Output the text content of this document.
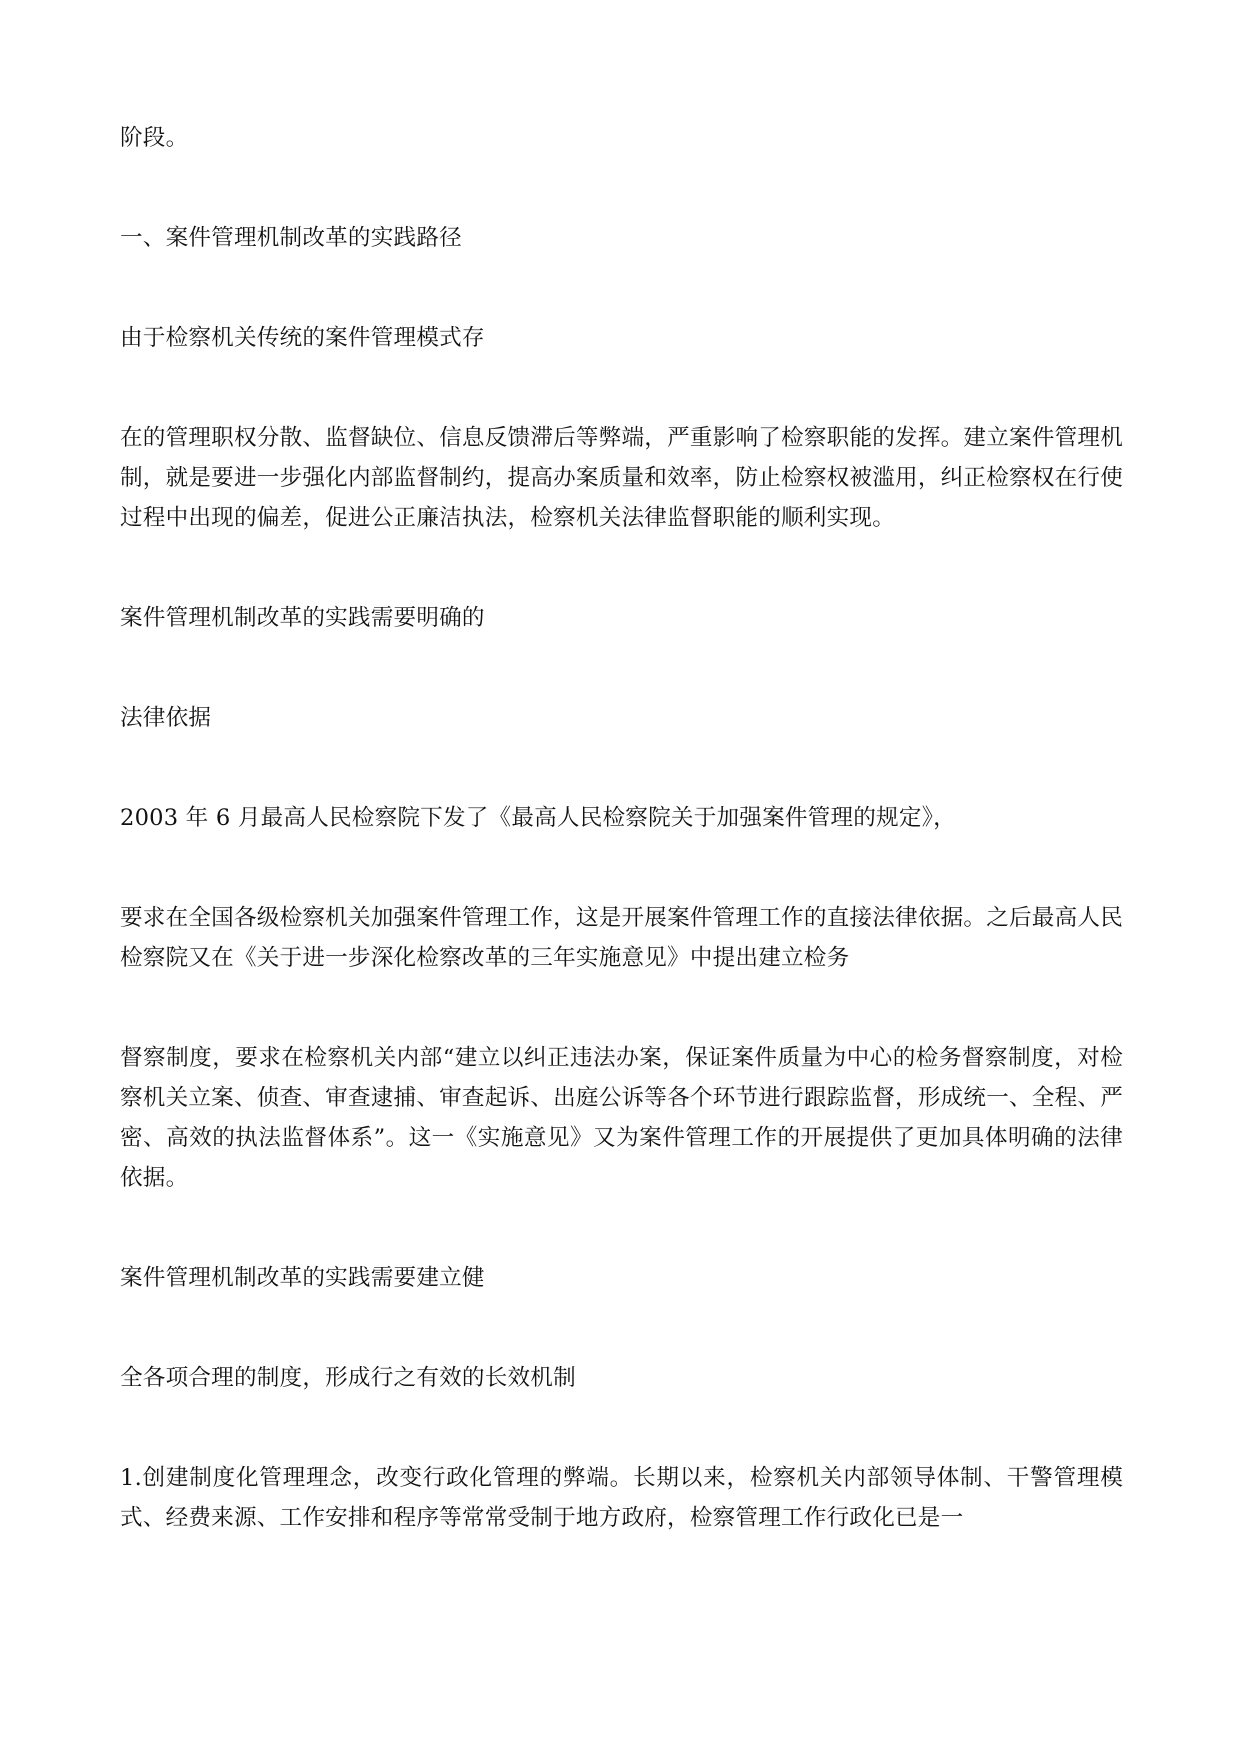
阶段。

一、案件管理机制改革的实践路径

由于检察机关传统的案件管理模式存

在的管理职权分散、监督缺位、信息反馈滞后等弊端，严重影响了检察职能的发挥。建立案件管理机制，就是要进一步强化内部监督制约，提高办案质量和效率，防止检察权被滥用，纠正检察权在行使过程中出现的偏差，促进公正廉洁执法，检察机关法律监督职能的顺利实现。

案件管理机制改革的实践需要明确的

法律依据

2003 年 6 月最高人民检察院下发了《最高人民检察院关于加强案件管理的规定》，

要求在全国各级检察机关加强案件管理工作，这是开展案件管理工作的直接法律依据。之后最高人民检察院又在《关于进一步深化检察改革的三年实施意见》中提出建立检务

督察制度，要求在检察机关内部“建立以纠正违法办案，保证案件质量为中心的检务督察制度，对检察机关立案、侦查、审查逮捕、审查起诉、出庭公诉等各个环节进行跟踪监督，形成统一、全程、严密、高效的执法监督体系”。这一《实施意见》又为案件管理工作的开展提供了更加具体明确的法律依据。

案件管理机制改革的实践需要建立健

全各项合理的制度，形成行之有效的长效机制

1.创建制度化管理理念，改变行政化管理的弊端。长期以来，检察机关内部领导体制、干警管理模式、经费来源、工作安排和程序等常常受制于地方政府，检察管理工作行政化已是一
